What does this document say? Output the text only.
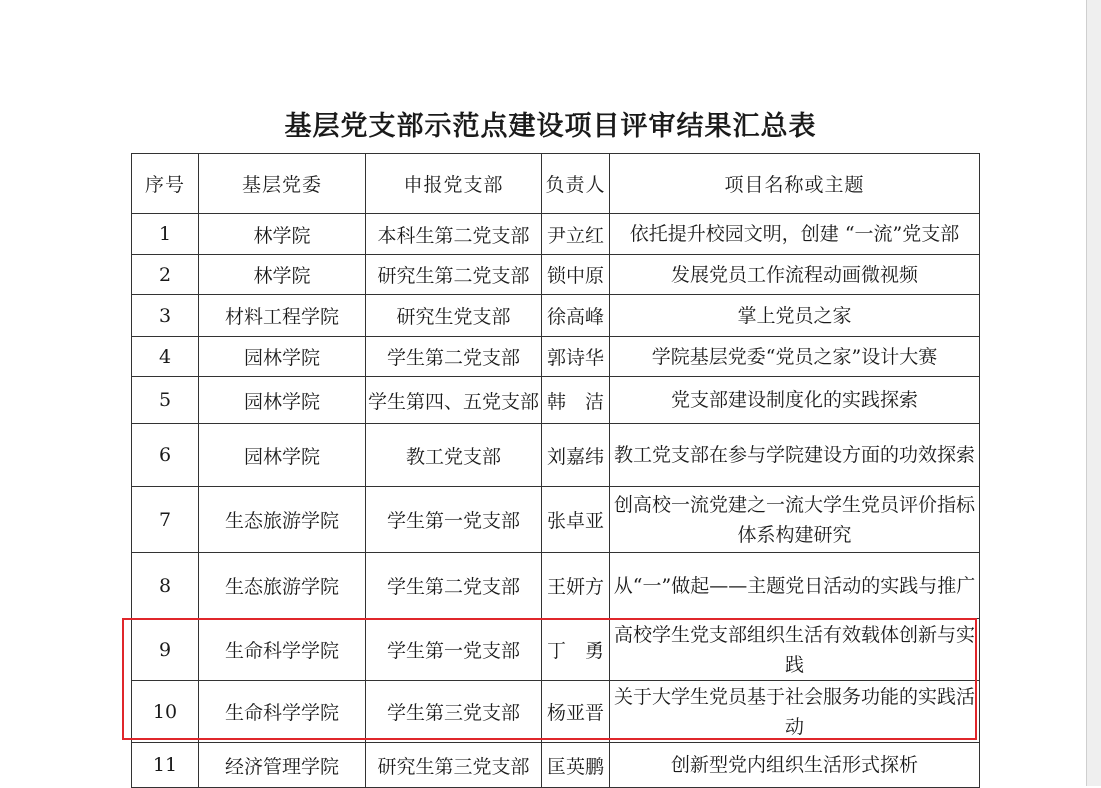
基层党支部示范点建设项目评审结果汇总表
序号	基层党委	申报党支部	负责人	项目名称或主题
1	林学院	本科生第二党支部	尹立红	依托提升校园文明，创建 “一流”党支部
2	林学院	研究生第二党支部	锁中原	发展党员工作流程动画微视频
3	材料工程学院	研究生党支部	徐高峰	掌上党员之家
4	园林学院	学生第二党支部	郭诗华	学院基层党委“党员之家”设计大赛
5	园林学院	学生第四、五党支部	韩　洁	党支部建设制度化的实践探索
6	园林学院	教工党支部	刘嘉纬	教工党支部在参与学院建设方面的功效探索
7	生态旅游学院	学生第一党支部	张卓亚	创高校一流党建之一流大学生党员评价指标体系构建研究
8	生态旅游学院	学生第二党支部	王妍方	从“一”做起——主题党日活动的实践与推广
9	生命科学学院	学生第一党支部	丁　勇	高校学生党支部组织生活有效载体创新与实践
10	生命科学学院	学生第三党支部	杨亚晋	关于大学生党员基于社会服务功能的实践活动
11	经济管理学院	研究生第三党支部	匡英鹏	创新型党内组织生活形式探析
